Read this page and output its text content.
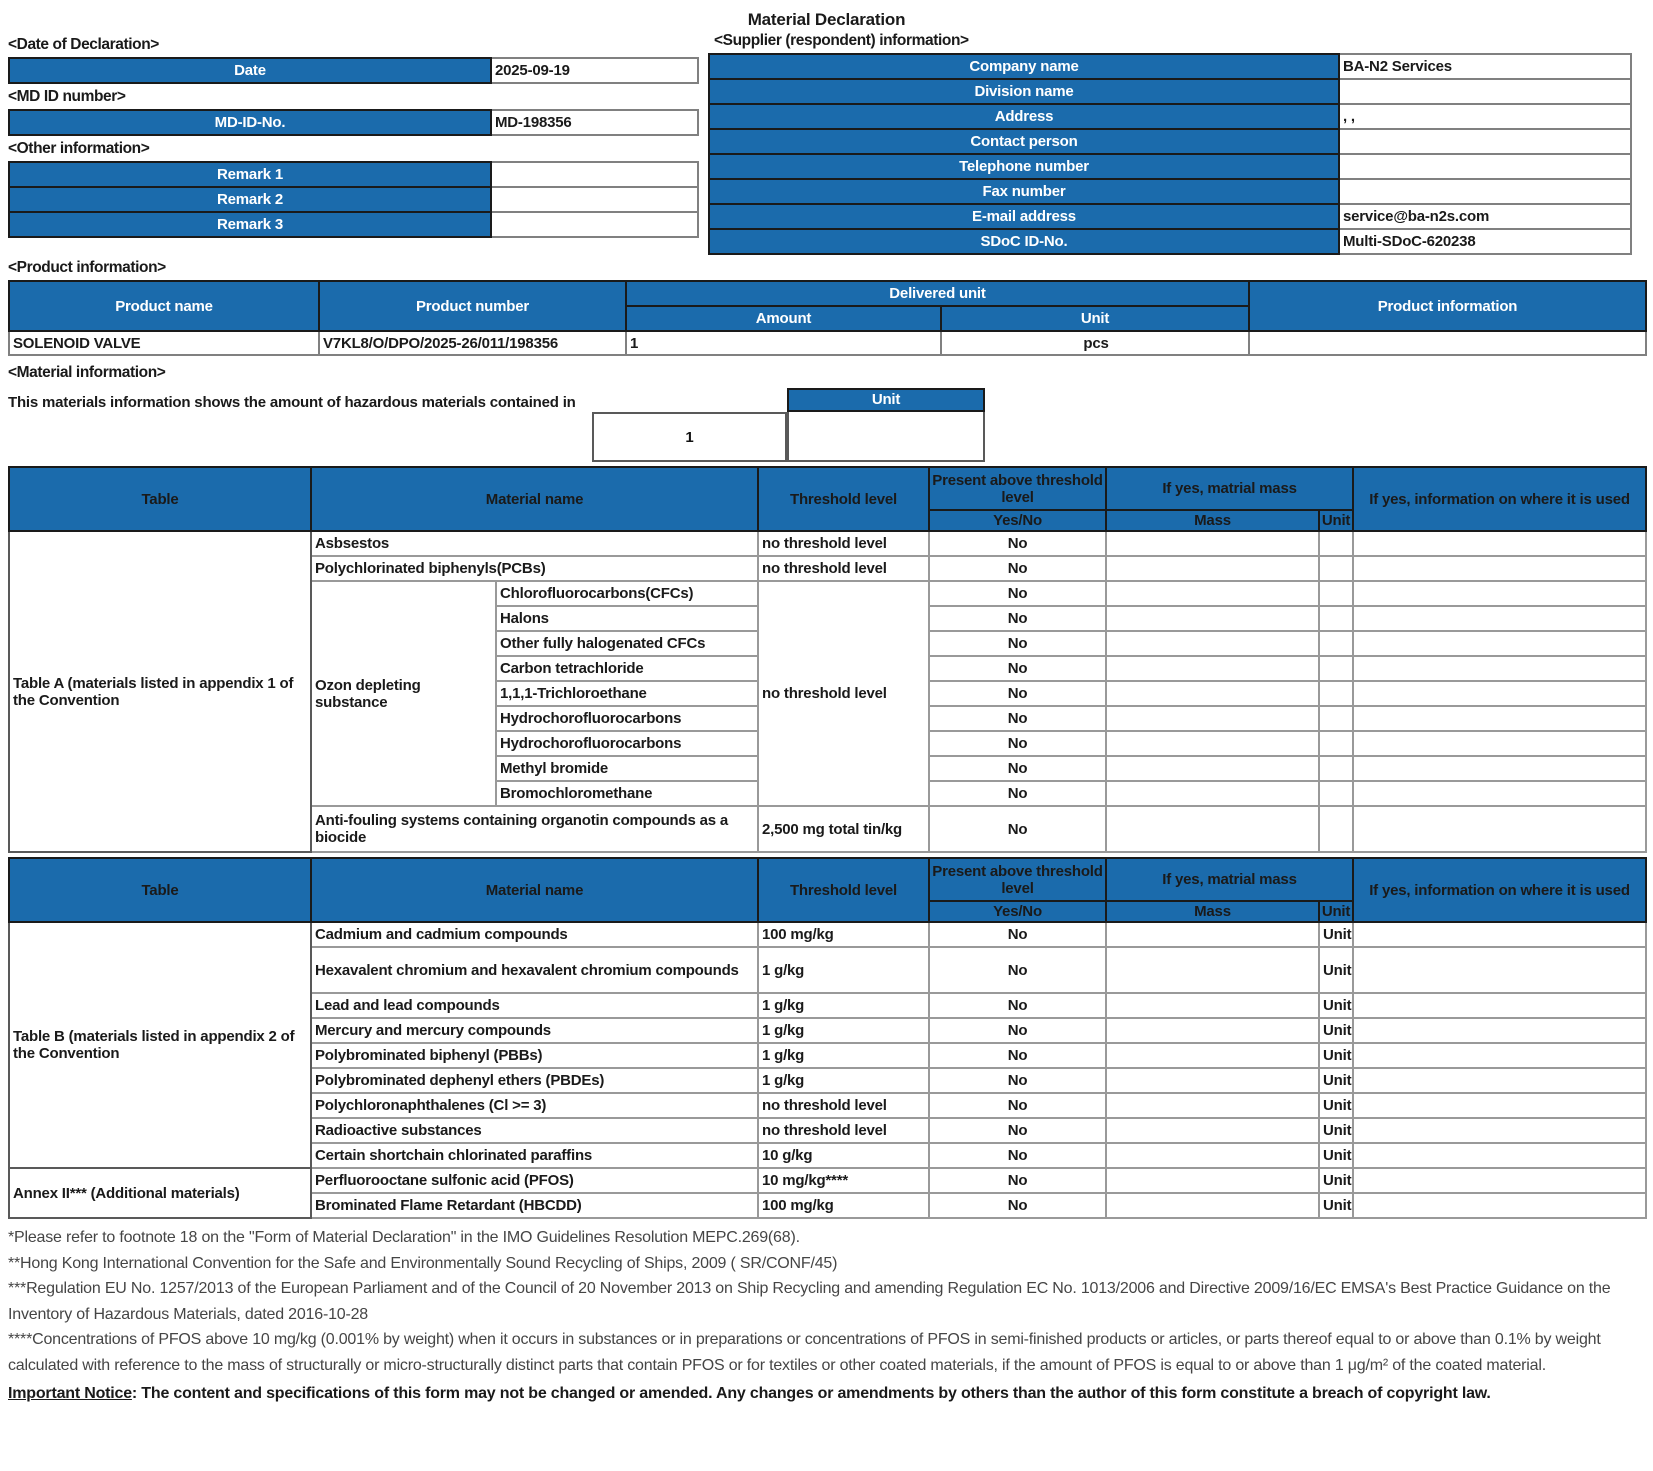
Material Declaration
<Date of Declaration>
Date	2025-09-19
<MD ID number>
MD-ID-No.	MD-198356
<Other information>
Remark 1	
Remark 2	
Remark 3	
<Supplier (respondent) information>
Company name	BA-N2 Services
Division name	
Address	, ,
Contact person	
Telephone number	
Fax number	
E-mail address	service@ba-n2s.com
SDoC ID-No.	Multi-SDoC-620238
<Product information>
Product name	Product number	Delivered unit		Product information
		Amount	Unit	
SOLENOID VALVE	V7KL8/O/DPO/2025-26/011/198356	1	pcs	
<Material information>
This materials information shows the amount of hazardous materials contained in
1
Unit
Table	Material name		Threshold level	Present above threshold level	If yes, matrial mass		If yes, information on where it is used
				Yes/No	Mass	Unit	
Table A (materials listed in appendix 1 of the Convention	Asbsestos		no threshold level	No			
	Polychlorinated biphenyls(PCBs)		no threshold level	No			
	Ozon depleting substance	Chlorofluorocarbons(CFCs)	no threshold level	No			
		Halons		No			
		Other fully halogenated CFCs		No			
		Carbon tetrachloride		No			
		1,1,1-Trichloroethane		No			
		Hydrochorofluorocarbons		No			
		Hydrochorofluorocarbons		No			
		Methyl bromide		No			
		Bromochloromethane		No			
	Anti-fouling systems containing organotin compounds as a biocide		2,500 mg total tin/kg	No			
Table	Material name	Threshold level	Present above threshold level	If yes, matrial mass		If yes, information on where it is used
			Yes/No	Mass	Unit	
Table B (materials listed in appendix 2 of the Convention	Cadmium and cadmium compounds	100 mg/kg	No		Unit	
	Hexavalent chromium and hexavalent chromium compounds	1 g/kg	No		Unit	
	Lead and lead compounds	1 g/kg	No		Unit	
	Mercury and mercury compounds	1 g/kg	No		Unit	
	Polybrominated biphenyl (PBBs)	1 g/kg	No		Unit	
	Polybrominated dephenyl ethers (PBDEs)	1 g/kg	No		Unit	
	Polychloronaphthalenes (Cl >= 3)	no threshold level	No		Unit	
	Radioactive substances	no threshold level	No		Unit	
	Certain shortchain chlorinated paraffins	10 g/kg	No		Unit	
Annex II*** (Additional materials)	Perfluorooctane sulfonic acid (PFOS)	10 mg/kg****	No		Unit	
	Brominated Flame Retardant (HBCDD)	100 mg/kg	No		Unit	

*Please refer to footnote 18 on the "Form of Material Declaration" in the IMO Guidelines Resolution MEPC.269(68).

**Hong Kong International Convention for the Safe and Environmentally Sound Recycling of Ships, 2009 ( SR/CONF/45)

***Regulation EU No. 1257/2013 of the European Parliament and of the Council of 20 November 2013 on Ship Recycling and amending Regulation EC No. 1013/2006 and Directive 2009/16/EC EMSA's Best Practice Guidance on the Inventory of Hazardous Materials, dated 2016-10-28

****Concentrations of PFOS above 10 mg/kg (0.001% by weight) when it occurs in substances or in preparations or concentrations of PFOS in semi-finished products or articles, or parts thereof equal to or above than 0.1% by weight calculated with reference to the mass of structurally or micro-structurally distinct parts that contain PFOS or for textiles or other coated materials, if the amount of PFOS is equal to or above than 1 μg/m² of the coated material.

Important Notice: The content and specifications of this form may not be changed or amended. Any changes or amendments by others than the author of this form constitute a breach of copyright law.
